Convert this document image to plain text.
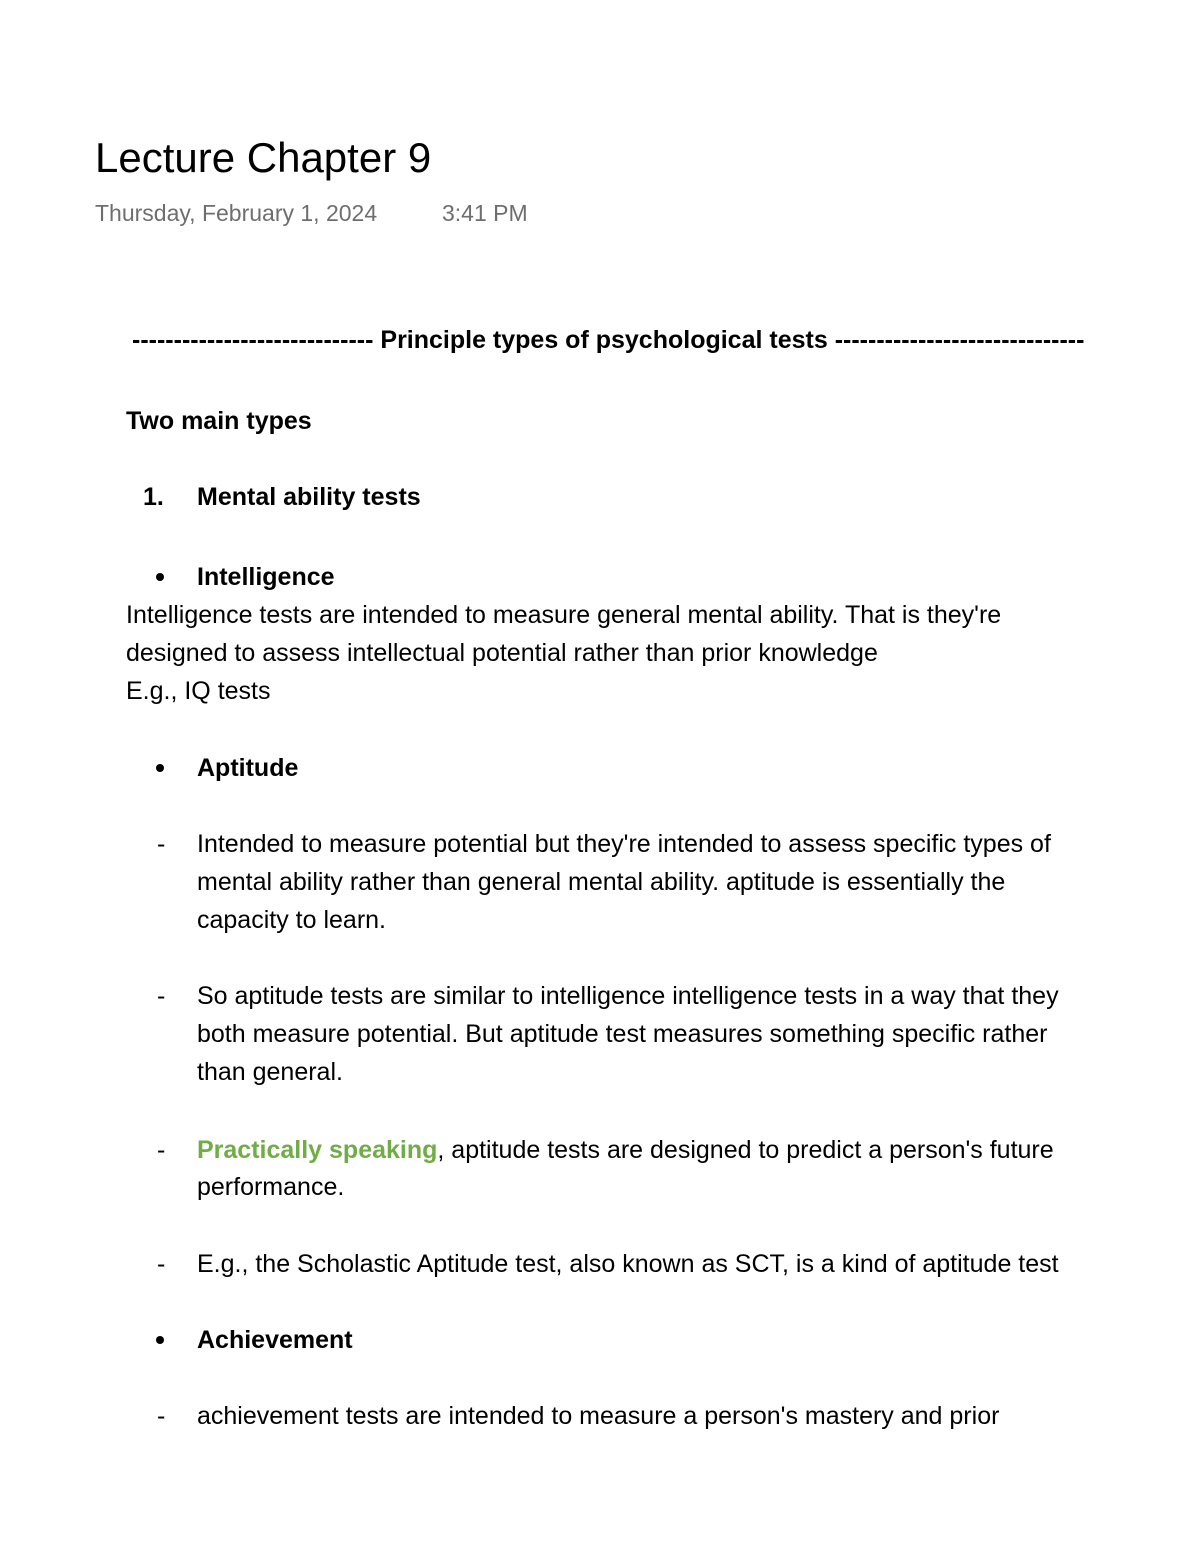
Lecture Chapter 9
Thursday, February 1, 2024	3:41 PM
----------------------------- Principle types of psychological tests ------------------------------
Two main types
1. Mental ability tests
Intelligence
Intelligence tests are intended to measure general mental ability. That is they're
designed to assess intellectual potential rather than prior knowledge
E.g., IQ tests
Aptitude
- Intended to measure potential but they're intended to assess specific types of
mental ability rather than general mental ability. aptitude is essentially the
capacity to learn.
- So aptitude tests are similar to intelligence intelligence tests in a way that they
both measure potential. But aptitude test measures something specific rather
than general.
- Practically speaking, aptitude tests are designed to predict a person's future
performance.
- E.g., the Scholastic Aptitude test, also known as SCT, is a kind of aptitude test
Achievement
- achievement tests are intended to measure a person's mastery and prior
